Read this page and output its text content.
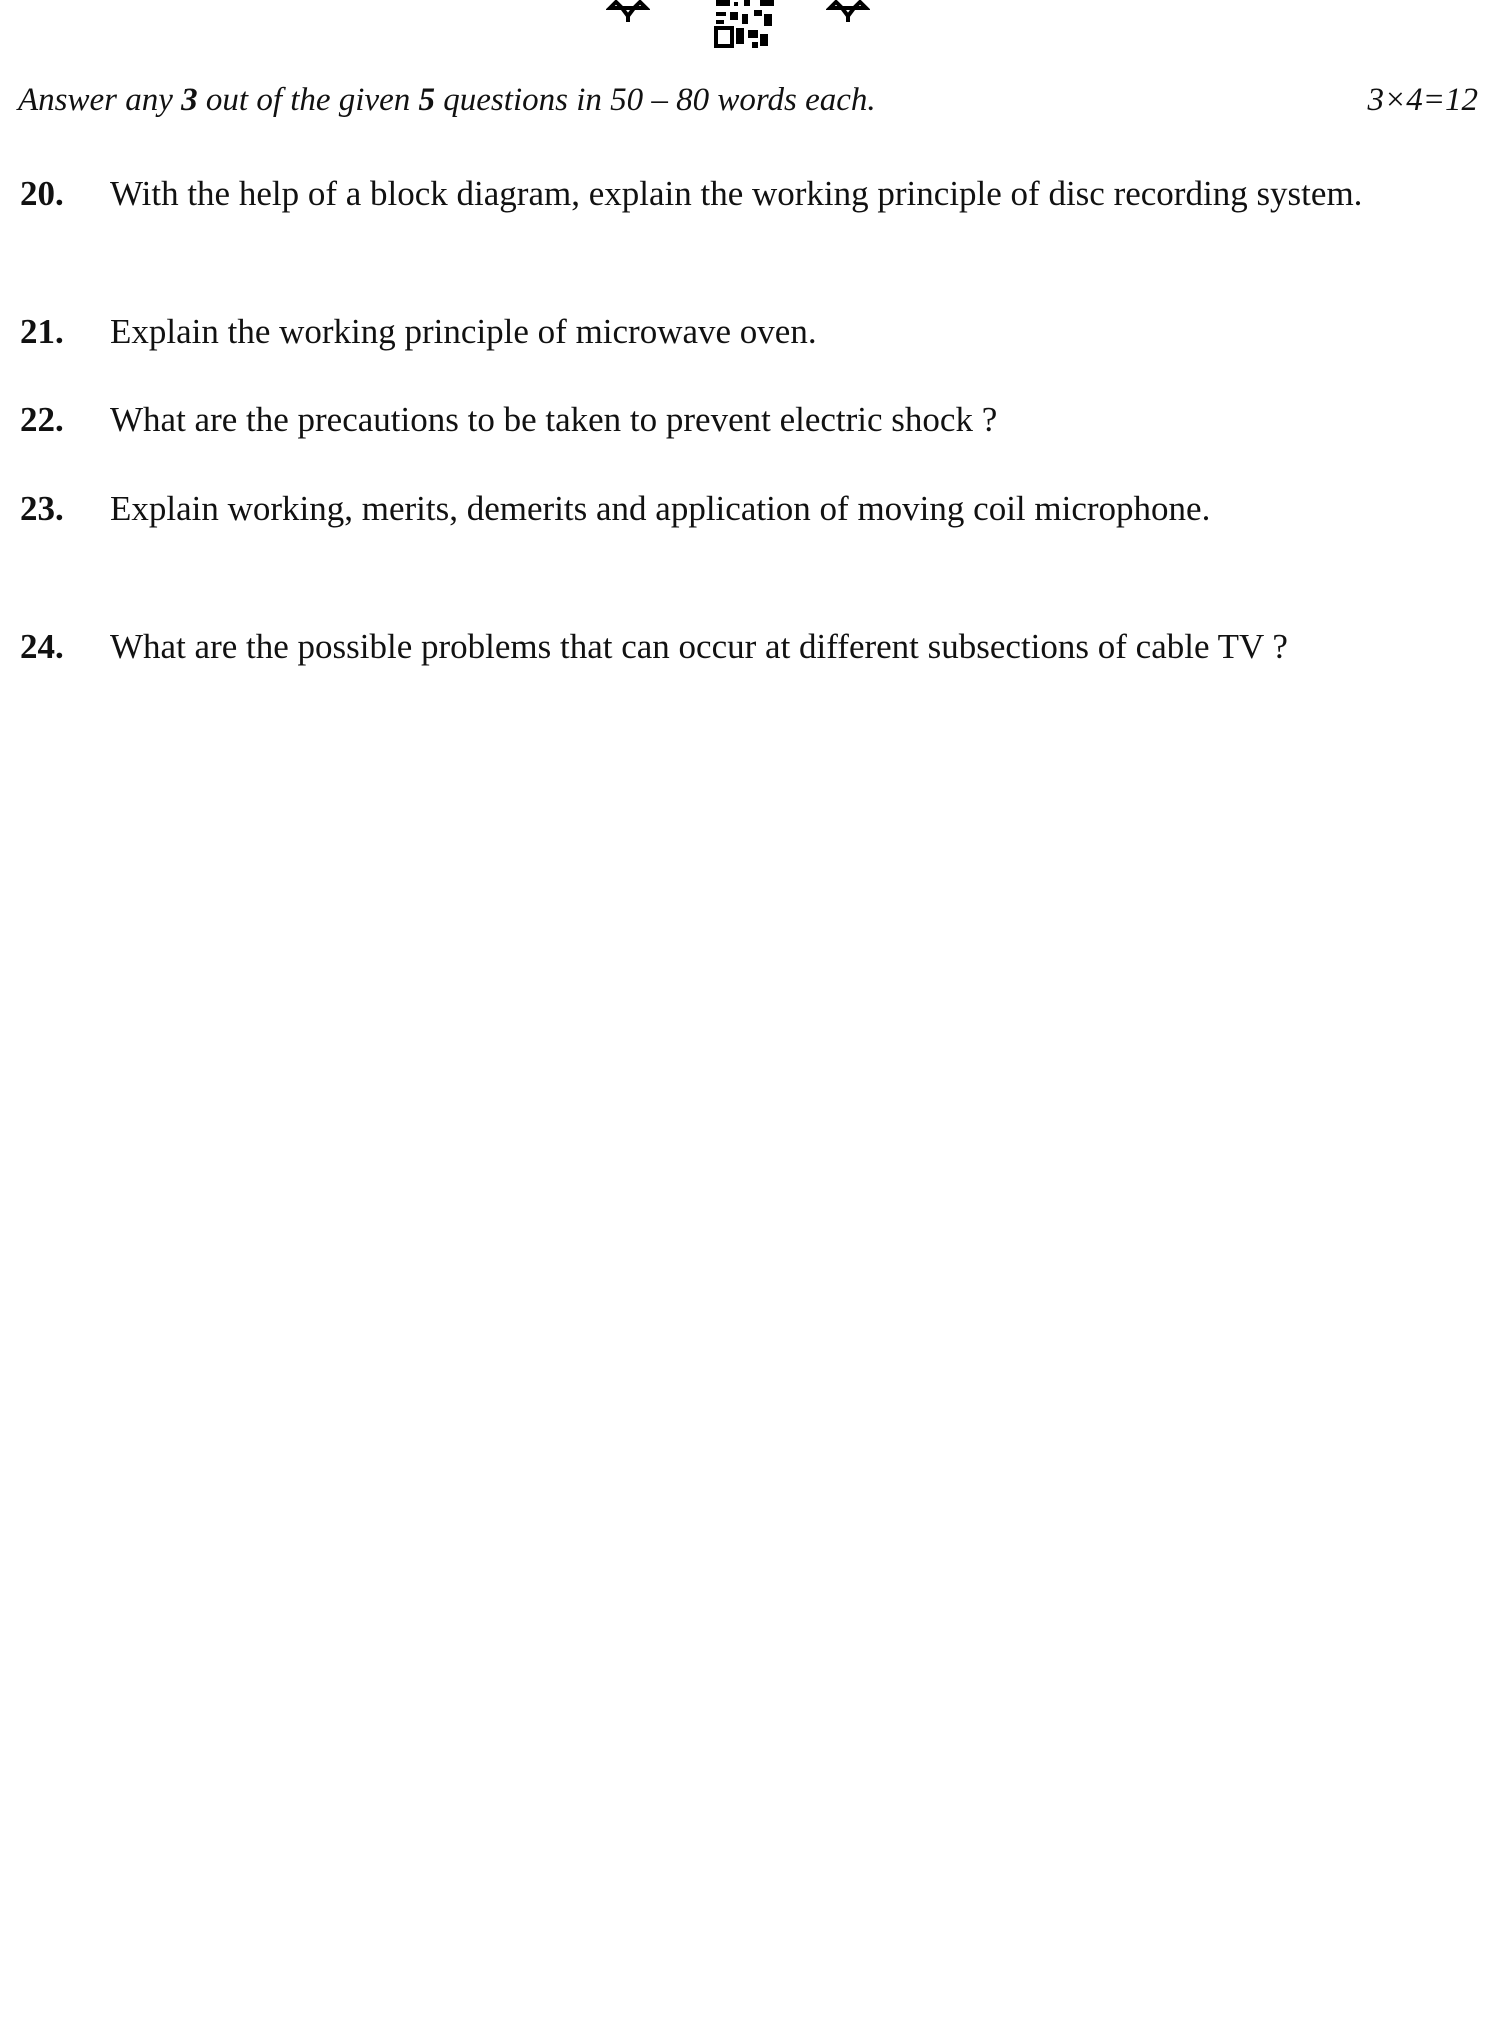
Answer any 3 out of the given 5 questions in 50 – 80 words each.	3×4=12
20. With the help of a block diagram, explain the working principle of disc recording system.
21. Explain the working principle of microwave oven.
22. What are the precautions to be taken to prevent electric shock ?
23. Explain working, merits, demerits and application of moving coil microphone.
24. What are the possible problems that can occur at different subsections of cable TV ?
